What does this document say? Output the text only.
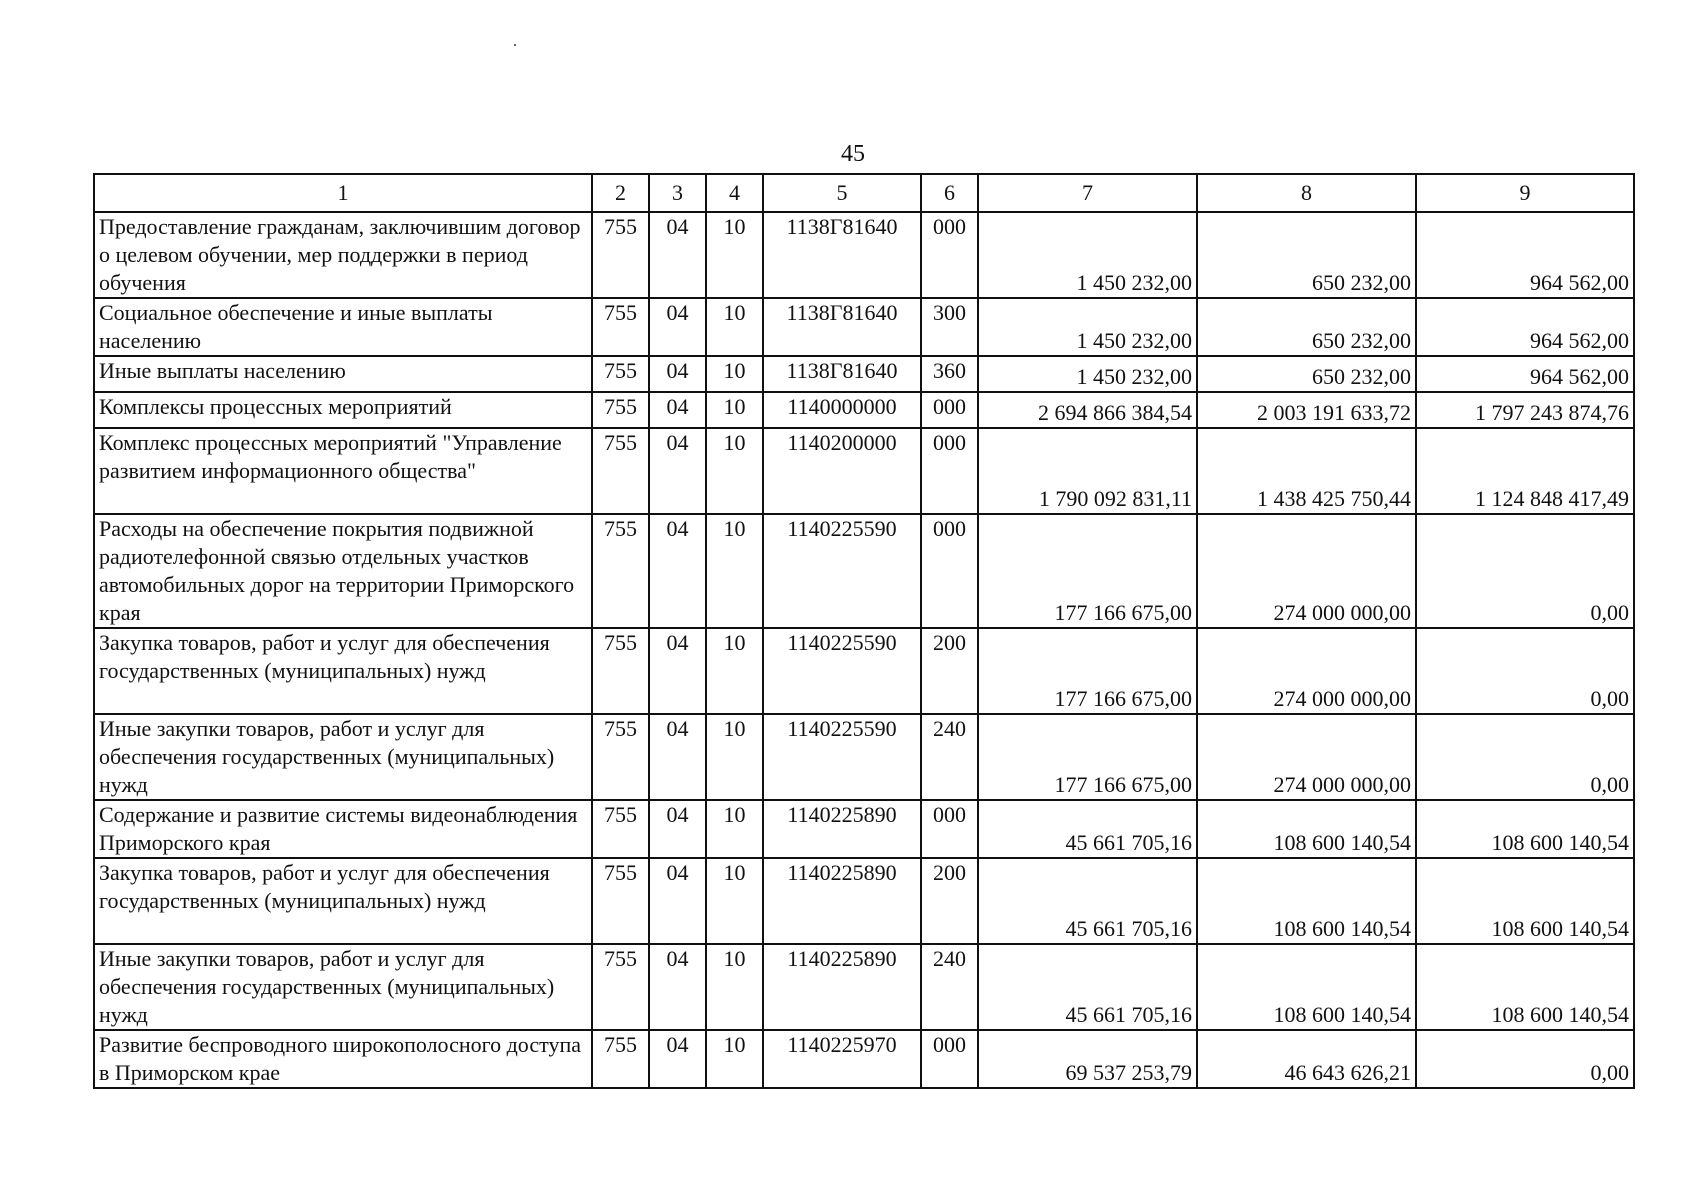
45
1	2	3	4	5	6	7	8	9
Предоставление гражданам, заключившим договор о целевом обучении, мер поддержки в период обучения	755	04	10	1138Г81640	000	1 450 232,00	650 232,00	964 562,00
Социальное обеспечение и иные выплаты населению	755	04	10	1138Г81640	300	1 450 232,00	650 232,00	964 562,00
Иные выплаты населению	755	04	10	1138Г81640	360	1 450 232,00	650 232,00	964 562,00
Комплексы процессных мероприятий	755	04	10	1140000000	000	2 694 866 384,54	2 003 191 633,72	1 797 243 874,76
Комплекс процессных мероприятий "Управление развитием информационного общества"	755	04	10	1140200000	000	1 790 092 831,11	1 438 425 750,44	1 124 848 417,49
Расходы на обеспечение покрытия подвижной радиотелефонной связью отдельных участков автомобильных дорог на территории Приморского края	755	04	10	1140225590	000	177 166 675,00	274 000 000,00	0,00
Закупка товаров, работ и услуг для обеспечения государственных (муниципальных) нужд	755	04	10	1140225590	200	177 166 675,00	274 000 000,00	0,00
Иные закупки товаров, работ и услуг для обеспечения государственных (муниципальных) нужд	755	04	10	1140225590	240	177 166 675,00	274 000 000,00	0,00
Содержание и развитие системы видеонаблюдения Приморского края	755	04	10	1140225890	000	45 661 705,16	108 600 140,54	108 600 140,54
Закупка товаров, работ и услуг для обеспечения государственных (муниципальных) нужд	755	04	10	1140225890	200	45 661 705,16	108 600 140,54	108 600 140,54
Иные закупки товаров, работ и услуг для обеспечения государственных (муниципальных) нужд	755	04	10	1140225890	240	45 661 705,16	108 600 140,54	108 600 140,54
Развитие беспроводного широкополосного доступа в Приморском крае	755	04	10	1140225970	000	69 537 253,79	46 643 626,21	0,00
